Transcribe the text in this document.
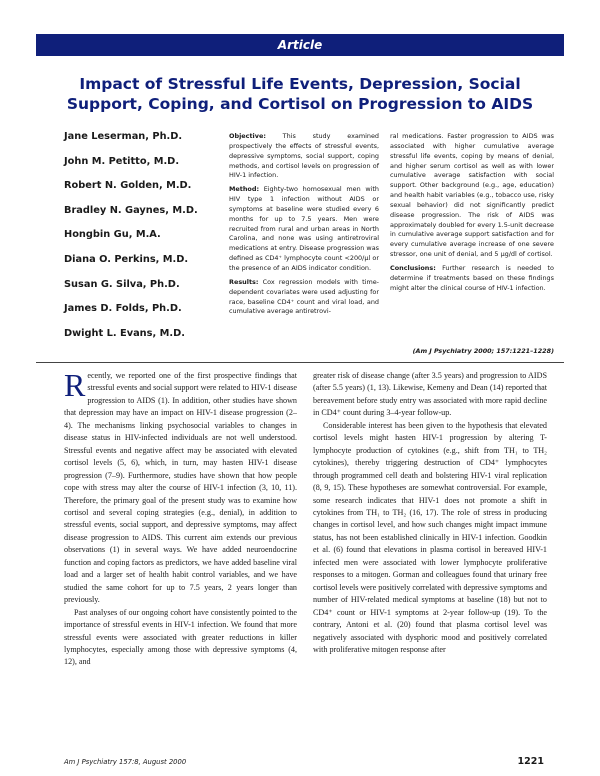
Article
Impact of Stressful Life Events, Depression, Social Support, Coping, and Cortisol on Progression to AIDS
Jane Leserman, Ph.D.
John M. Petitto, M.D.
Robert N. Golden, M.D.
Bradley N. Gaynes, M.D.
Hongbin Gu, M.A.
Diana O. Perkins, M.D.
Susan G. Silva, Ph.D.
James D. Folds, Ph.D.
Dwight L. Evans, M.D.

Objective:	This study examined prospectively the effects of stressful events, depressive symptoms, social support, coping methods, and cortisol levels on progression of HIV-1 infection.

Method: Eighty-two homosexual men with HIV type 1 infection without AIDS or symptoms at baseline were studied every 6 months for up to 7.5 years. Men were recruited from rural and urban areas in North Carolina, and none was using antiretroviral medications at entry. Disease progression was defined as CD4⁺ lymphocyte count <200/µl or the presence of an AIDS indicator condition.

Results: Cox regression models with time-dependent covariates were used adjusting for race, baseline CD4⁺ count and viral load, and cumulative average antiretrovi-

ral medications. Faster progression to AIDS was associated with higher cumulative average stressful life events, coping by means of denial, and higher serum cortisol as well as with lower cumulative average satisfaction with social support. Other background (e.g., age, education) and health habit variables (e.g., tobacco use, risky sexual behavior) did not significantly predict disease progression. The risk of AIDS was approximately doubled for every 1.5-unit decrease in cumulative average support satisfaction and for every cumulative average increase of one severe stressor, one unit of denial, and 5 µg/dl of cortisol.

Conclusions: Further research is needed to determine if treatments based on these findings might alter the clinical course of HIV-1 infection.

(Am J Psychiatry 2000; 157:1221–1228)

Recently, we reported one of the first prospective findings that stressful events and social support were related to HIV-1 disease progression to AIDS (1). In addition, other studies have shown that depression may have an impact on HIV-1 disease progression (2–4). The mechanisms linking psychosocial variables to changes in disease status in HIV-infected individuals are not well understood. Stressful events and negative affect may be associated with elevated cortisol levels (5, 6), which, in turn, may hasten HIV-1 disease progression (7–9). Furthermore, studies have shown that how people cope with stress may alter the course of HIV-1 infection (3, 10, 11). Therefore, the primary goal of the present study was to examine how cortisol and several coping strategies (e.g., denial), in addition to stressful events, social support, and depressive symptoms, may affect disease progression to AIDS. This current aim extends our previous observations (1) in several ways. We have added neuroendocrine function and coping factors as predictors, we have added baseline viral load and a larger set of health habit control variables, and we have studied the same cohort for up to 7.5 years, 2 years longer than previously.

Past analyses of our ongoing cohort have consistently pointed to the importance of stressful events in HIV-1 infection. We found that more stressful events were associated with greater reductions in killer lymphocytes, especially among those with depressive symptoms (4, 12), and

greater risk of disease change (after 3.5 years) and progression to AIDS (after 5.5 years) (1, 13). Likewise, Kemeny and Dean (14) reported that bereavement before study entry was associated with more rapid decline in CD4⁺ count during 3–4-year follow-up.

Considerable interest has been given to the hypothesis that elevated cortisol levels might hasten HIV-1 progression by altering T-lymphocyte production of cytokines (e.g., shift from TH₁ to TH₂ cytokines), thereby triggering destruction of CD4⁺ lymphocytes through programmed cell death and bolstering HIV-1 viral replication (8, 9, 15). These hypotheses are somewhat controversial. For example, some research indicates that HIV-1 does not promote a shift in cytokines from TH₁ to TH₂ (16, 17). The role of stress in producing changes in cortisol level, and how such changes might impact immune status, has not been established clinically in HIV-1 infection. Goodkin et al. (6) found that elevations in plasma cortisol in bereaved HIV-1 infected men were associated with lower lymphocyte proliferative responses to a mitogen. Gorman and colleagues found that urinary free cortisol levels were positively correlated with depressive symptoms and number of HIV-related medical symptoms at baseline (18) but not to CD4⁺ count or HIV-1 symptoms at 2-year follow-up (19). To the contrary, Antoni et al. (20) found that plasma cortisol level was negatively associated with dysphoric mood and positively correlated with proliferative mitogen response after

Am J Psychiatry 157:8, August 2000	1221
